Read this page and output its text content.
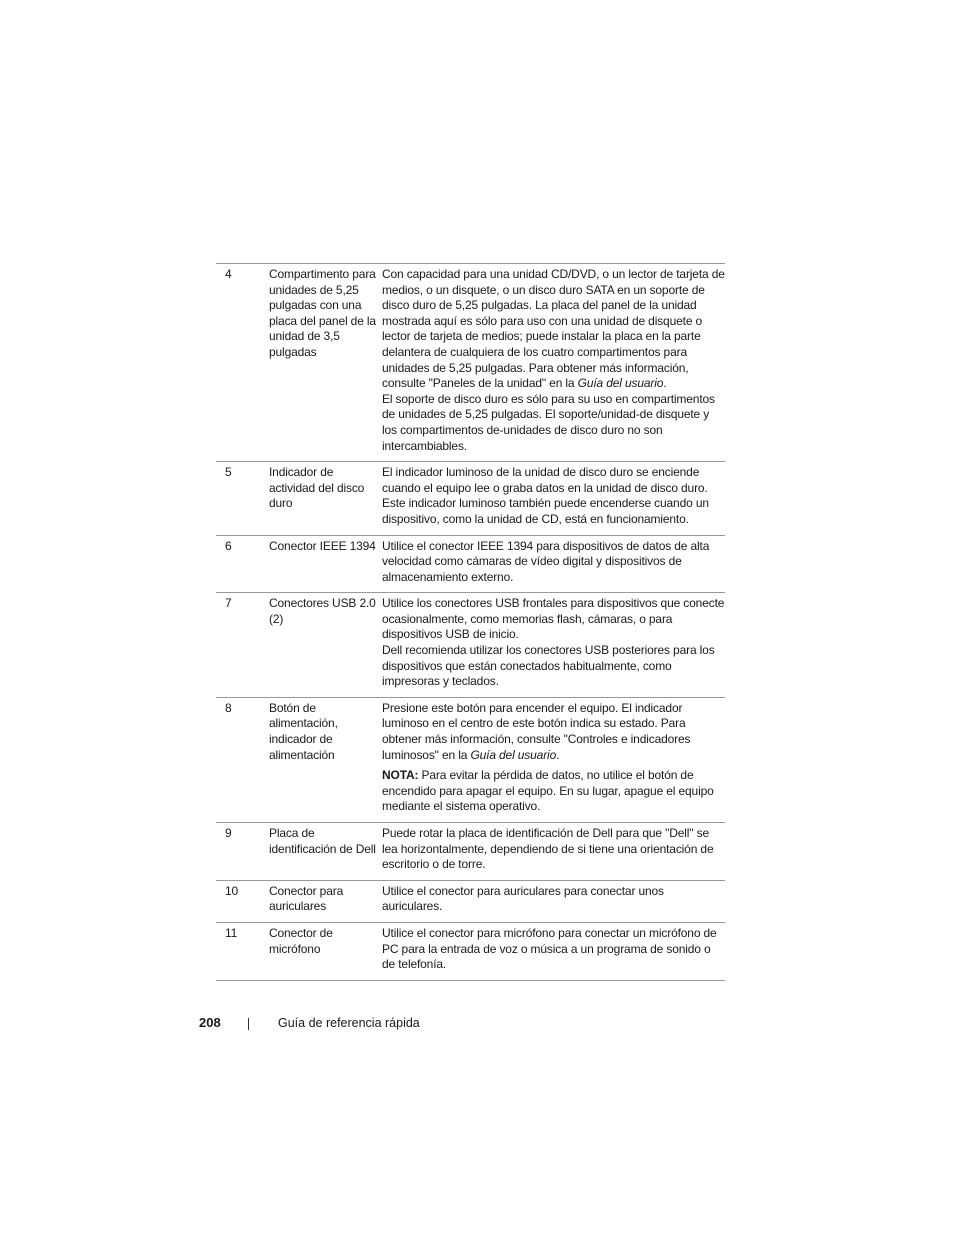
4	Compartimento para unidades de 5,25 pulgadas con una placa del panel de la unidad de 3,5 pulgadas	Con capacidad para una unidad CD/DVD, o un lector de tarjeta de medios, o un disquete, o un disco duro SATA en un soporte de disco duro de 5,25 pulgadas. La placa del panel de la unidad mostrada aquí es sólo para uso con una unidad de disquete o lector de tarjeta de medios; puede instalar la placa en la parte delantera de cualquiera de los cuatro compartimentos para unidades de 5,25 pulgadas. Para obtener más información, consulte "Paneles de la unidad" en la Guía del usuario.

El soporte de disco duro es sólo para su uso en compartimentos de unidades de 5,25 pulgadas. El soporte/unidad-de disquete y los compartimentos de-unidades de disco duro no son intercambiables.

5	Indicador de actividad del disco duro	El indicador luminoso de la unidad de disco duro se enciende cuando el equipo lee o graba datos en la unidad de disco duro. Este indicador luminoso también puede encenderse cuando un dispositivo, como la unidad de CD, está en funcionamiento.

6	Conector IEEE 1394	Utilice el conector IEEE 1394 para dispositivos de datos de alta velocidad como cámaras de vídeo digital y dispositivos de almacenamiento externo.

7	Conectores USB 2.0 (2)	Utilice los conectores USB frontales para dispositivos que conecte ocasionalmente, como memorias flash, cámaras, o para dispositivos USB de inicio.

Dell recomienda utilizar los conectores USB posteriores para los dispositivos que están conectados habitualmente, como impresoras y teclados.

8	Botón de alimentación, indicador de alimentación	Presione este botón para encender el equipo. El indicador luminoso en el centro de este botón indica su estado. Para obtener más información, consulte "Controles e indicadores luminosos" en la Guía del usuario.

NOTA: Para evitar la pérdida de datos, no utilice el botón de encendido para apagar el equipo. En su lugar, apague el equipo mediante el sistema operativo.

9	Placa de identificación de Dell	Puede rotar la placa de identificación de Dell para que "Dell" se lea horizontalmente, dependiendo de si tiene una orientación de escritorio o de torre.

10	Conector para auriculares	Utilice el conector para auriculares para conectar unos auriculares.

11	Conector de micrófono	Utilice el conector para micrófono para conectar un micrófono de PC para la entrada de voz o música a un programa de sonido o de telefonía.

208	Guía de referencia rápida
